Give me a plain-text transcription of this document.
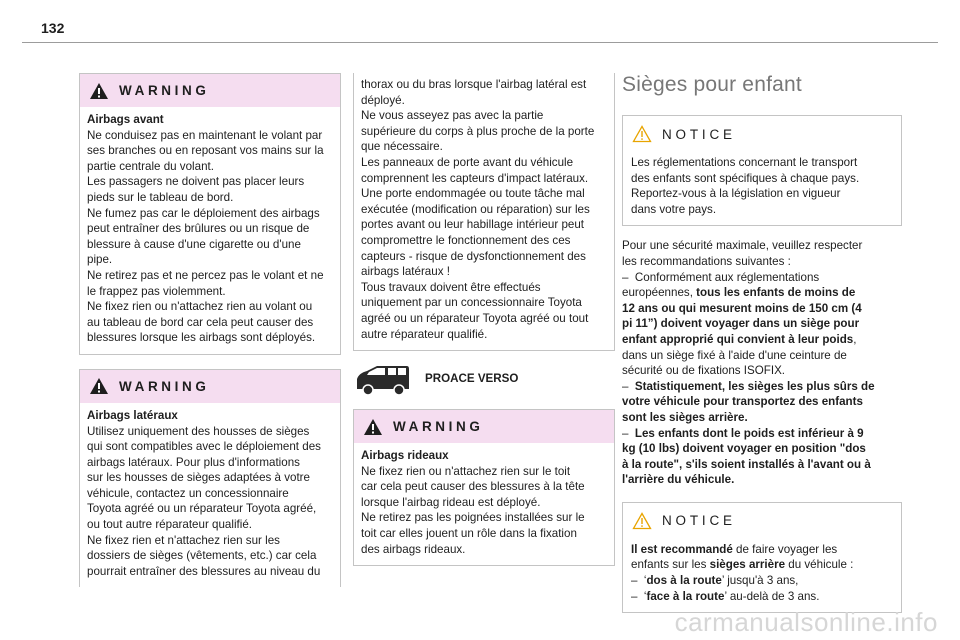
132
WARNING
Airbags avant
Ne conduisez pas en maintenant le volant par
ses branches ou en reposant vos mains sur la
partie centrale du volant.
Les passagers ne doivent pas placer leurs
pieds sur le tableau de bord.
Ne fumez pas car le déploiement des airbags
peut entraîner des brûlures ou un risque de
blessure à cause d'une cigarette ou d'une
pipe.
Ne retirez pas et ne percez pas le volant et ne
le frappez pas violemment.
Ne fixez rien ou n'attachez rien au volant ou
au tableau de bord car cela peut causer des
blessures lorsque les airbags sont déployés.
WARNING
Airbags latéraux
Utilisez uniquement des housses de sièges
qui sont compatibles avec le déploiement des
airbags latéraux. Pour plus d'informations
sur les housses de sièges adaptées à votre
véhicule, contactez un concessionnaire
Toyota agréé ou un réparateur Toyota agréé,
ou tout autre réparateur qualifié.
Ne fixez rien et n'attachez rien sur les
dossiers de sièges (vêtements, etc.) car cela
pourrait entraîner des blessures au niveau du
thorax ou du bras lorsque l'airbag latéral est
déployé.
Ne vous asseyez pas avec la partie
supérieure du corps à plus proche de la porte
que nécessaire.
Les panneaux de porte avant du véhicule
comprennent les capteurs d'impact latéraux.
Une porte endommagée ou toute tâche mal
exécutée (modification ou réparation) sur les
portes avant ou leur habillage intérieur peut
compromettre le fonctionnement des ces
capteurs - risque de dysfonctionnement des
airbags latéraux !
Tous travaux doivent être effectués
uniquement par un concessionnaire Toyota
agréé ou un réparateur Toyota agréé ou tout
autre réparateur qualifié.
PROACE VERSO
WARNING
Airbags rideaux
Ne fixez rien ou n'attachez rien sur le toit
car cela peut causer des blessures à la tête
lorsque l'airbag rideau est déployé.
Ne retirez pas les poignées installées sur le
toit car elles jouent un rôle dans la fixation
des airbags rideaux.
Sièges pour enfant
NOTICE
Les réglementations concernant le transport
des enfants sont spécifiques à chaque pays.
Reportez-vous à la législation en vigueur
dans votre pays.
Pour une sécurité maximale, veuillez respecter
les recommandations suivantes :
–  Conformément aux réglementations
européennes, tous les enfants de moins de
12 ans ou qui mesurent moins de 150 cm (4
pi 11”) doivent voyager dans un siège pour
enfant approprié qui convient à leur poids,
dans un siège fixé à l'aide d'une ceinture de
sécurité ou de fixations ISOFIX.
–  Statistiquement, les sièges les plus sûrs de
votre véhicule pour transportez des enfants
sont les sièges arrière.
–  Les enfants dont le poids est inférieur à 9
kg (10 lbs) doivent voyager en position "dos
à la route", s'ils soient installés à l'avant ou à
l'arrière du véhicule.
NOTICE
Il est recommandé de faire voyager les
enfants sur les sièges arrière du véhicule :
–  ‘dos à la route’ jusqu'à 3 ans,
–  ‘face à la route’ au-delà de 3 ans.
carmanualsonline.info
